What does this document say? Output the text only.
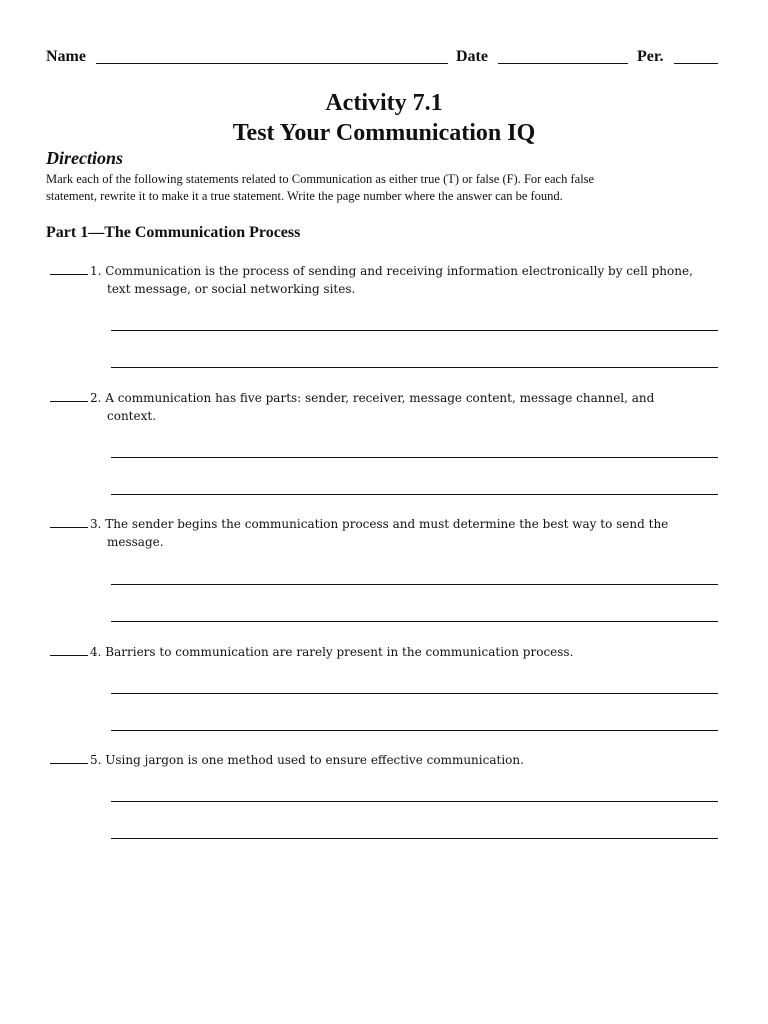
Name	Date	Per.
Activity 7.1
Test Your Communication IQ
Directions
Mark each of the following statements related to Communication as either true (T) or false (F). For each false
statement, rewrite it to make it a true statement. Write the page number where the answer can be found.
Part 1—The Communication Process
1. Communication is the process of sending and receiving information electronically by cell phone,
text message, or social networking sites.
2. A communication has five parts: sender, receiver, message content, message channel, and
context.
3. The sender begins the communication process and must determine the best way to send the
message.
4. Barriers to communication are rarely present in the communication process.
5. Using jargon is one method used to ensure effective communication.
